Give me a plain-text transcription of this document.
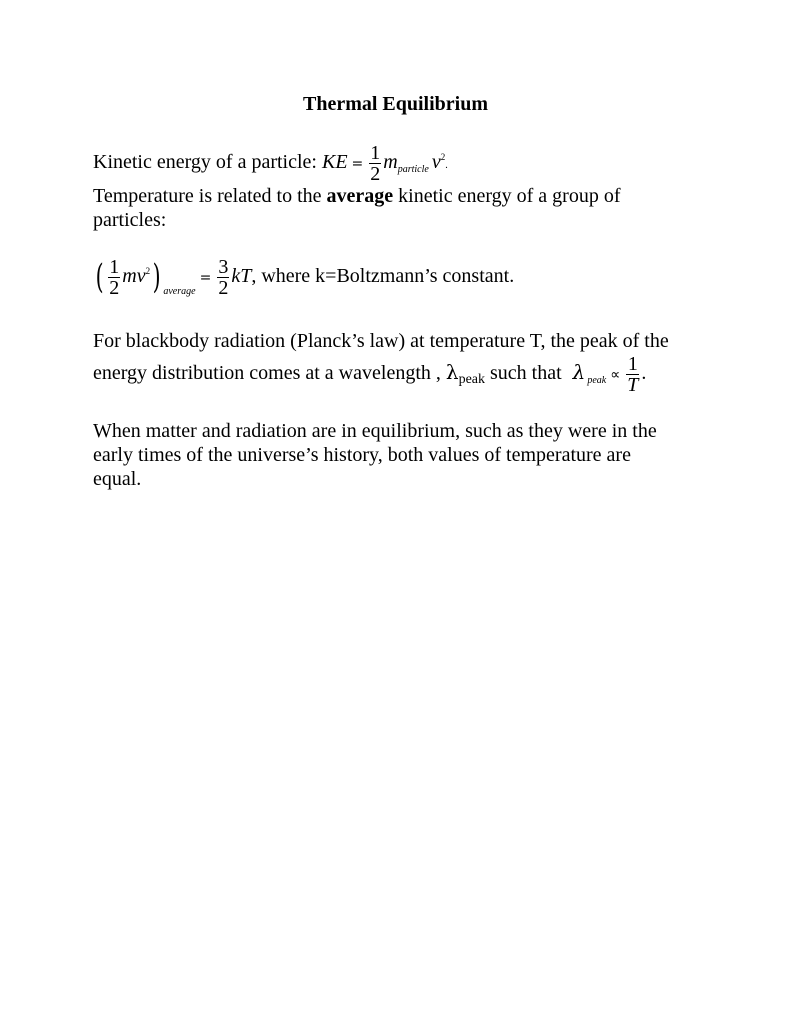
Thermal Equilibrium
Kinetic energy of a particle: KE = $\frac{1}{2} m_{particle}$ $v^2$.
Temperature is related to the average kinetic energy of a group of
particles:
( $\frac{1}{2} mv^2$) $_{average}= \frac{3}{2}$ kT, where k=Boltzmann’s constant.
For blackbody radiation (Planck’s law) at temperature T, the peak of the
energy distribution comes at a wavelength , $\lambda_{peak}$ such that λ $_{peak} \propto \frac{1}{T}$ .
When matter and radiation are in equilibrium, such as they were in the
early times of the universe’s history, both values of temperature are
equal.
